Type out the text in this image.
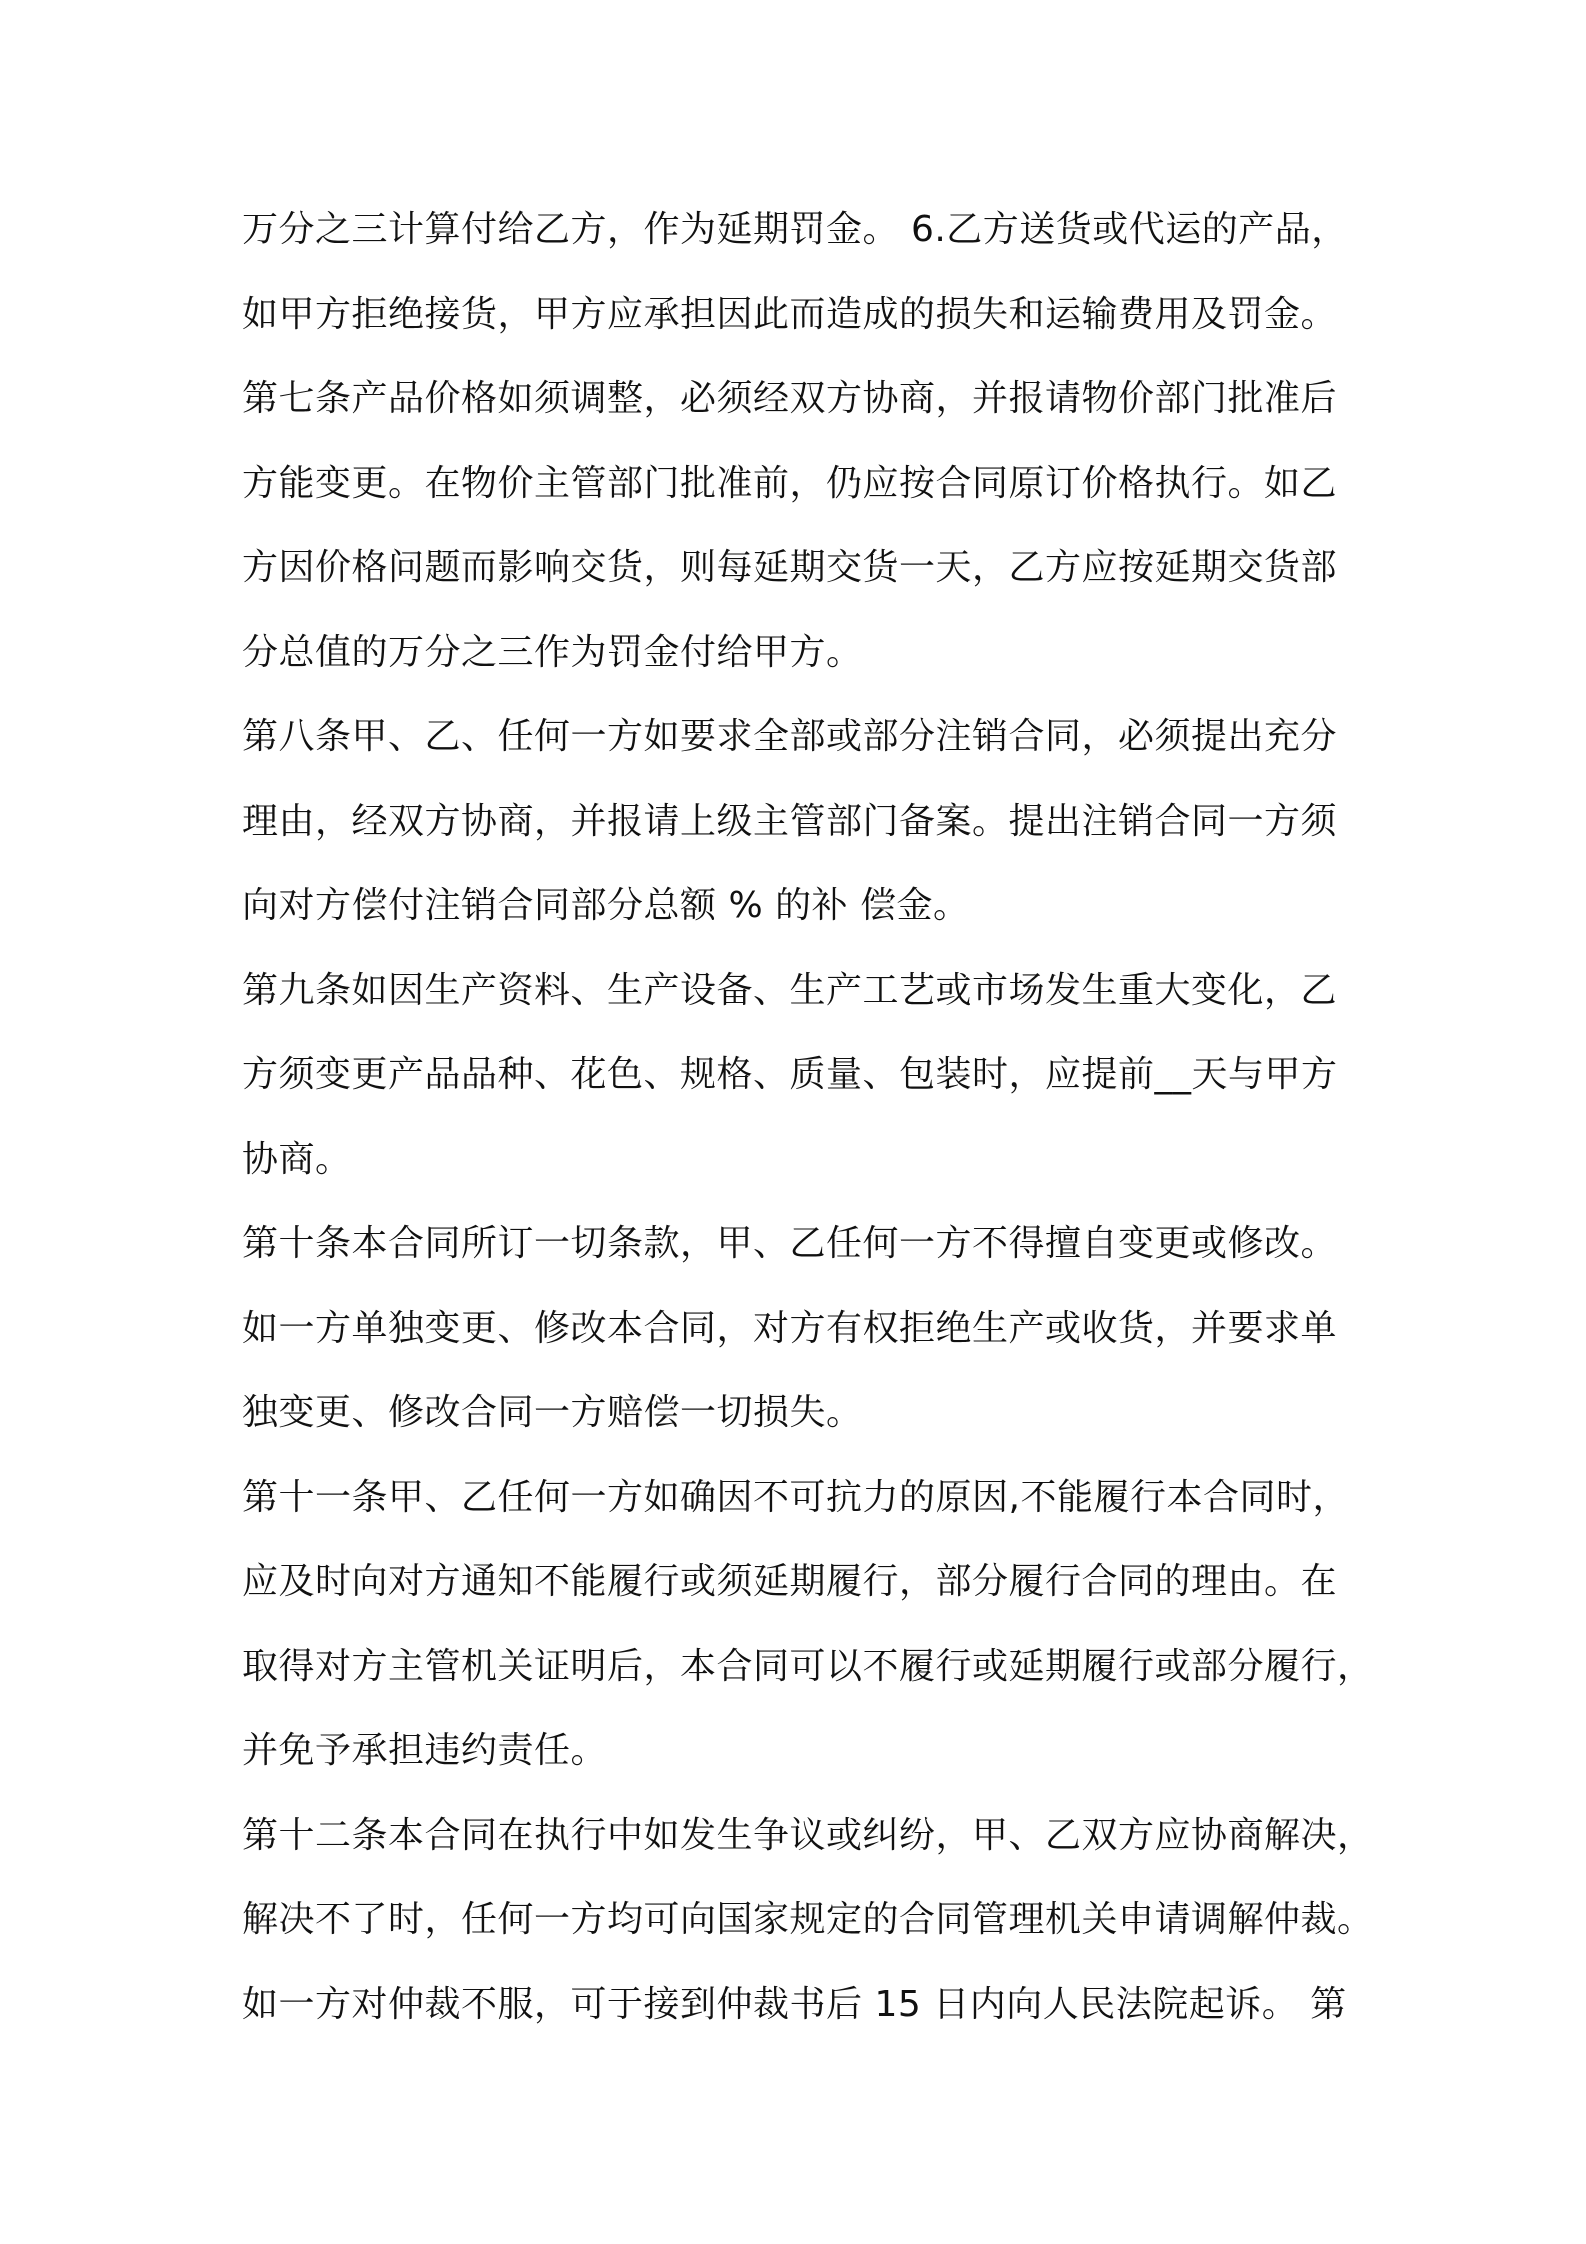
万分之三计算付给乙方，作为延期罚金。 6.乙方送货或代运的产品，
如甲方拒绝接货，甲方应承担因此而造成的损失和运输费用及罚金。
第七条产品价格如须调整，必须经双方协商，并报请物价部门批准后
方能变更。在物价主管部门批准前，仍应按合同原订价格执行。如乙
方因价格问题而影响交货，则每延期交货一天，乙方应按延期交货部
分总值的万分之三作为罚金付给甲方。
第八条甲、乙、任何一方如要求全部或部分注销合同，必须提出充分
理由，经双方协商，并报请上级主管部门备案。提出注销合同一方须
向对方偿付注销合同部分总额 % 的补 偿金。
第九条如因生产资料、生产设备、生产工艺或市场发生重大变化，乙
方须变更产品品种、花色、规格、质量、包装时，应提前__天与甲方
协商。
第十条本合同所订一切条款，甲、乙任何一方不得擅自变更或修改。
如一方单独变更、修改本合同，对方有权拒绝生产或收货，并要求单
独变更、修改合同一方赔偿一切损失。
第十一条甲、乙任何一方如确因不可抗力的原因,不能履行本合同时，
应及时向对方通知不能履行或须延期履行，部分履行合同的理由。在
取得对方主管机关证明后，本合同可以不履行或延期履行或部分履行，
并免予承担违约责任。
第十二条本合同在执行中如发生争议或纠纷，甲、乙双方应协商解决，
解决不了时，任何一方均可向国家规定的合同管理机关申请调解仲裁。
如一方对仲裁不服，可于接到仲裁书后 15 日内向人民法院起诉。 第
